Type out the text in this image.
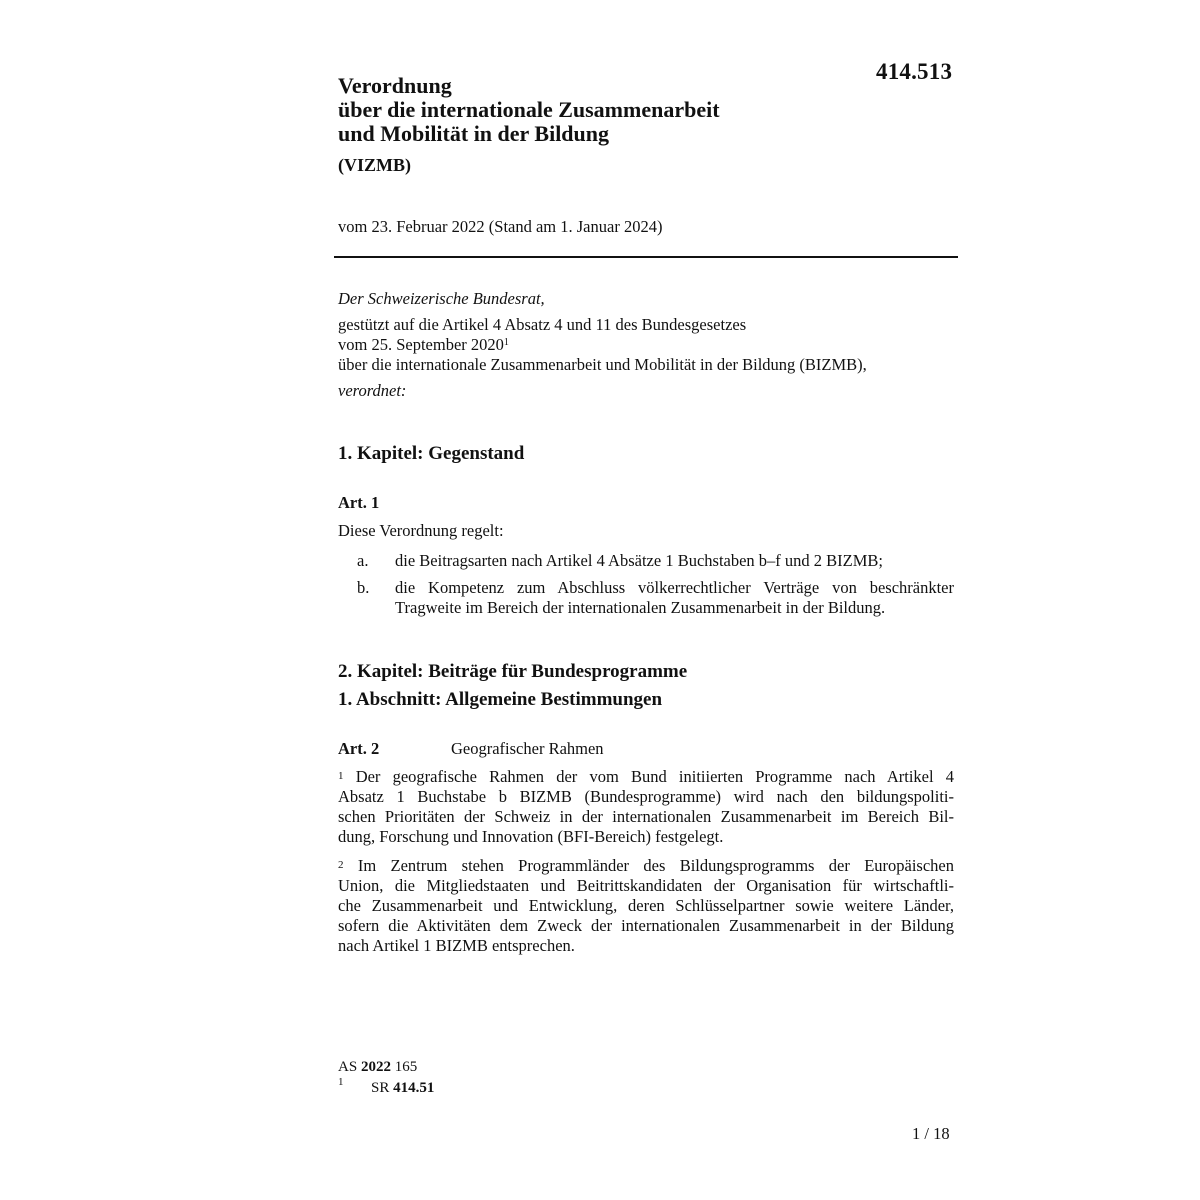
414.513
Verordnung
über die internationale Zusammenarbeit
und Mobilität in der Bildung
(VIZMB)
vom 23. Februar 2022 (Stand am 1. Januar 2024)
Der Schweizerische Bundesrat,
gestützt auf die Artikel 4 Absatz 4 und 11 des Bundesgesetzes
vom 25. September 2020$^1$
über die internationale Zusammenarbeit und Mobilität in der Bildung (BIZMB),
verordnet:
1. Kapitel: Gegenstand
Art. 1
Diese Verordnung regelt:
a. die Beitragsarten nach Artikel 4 Absätze 1 Buchstaben b–f und 2 BIZMB;
b. die Kompetenz zum Abschluss völkerrechtlicher Verträge von beschränkter
Tragweite im Bereich der internationalen Zusammenarbeit in der Bildung.
2. Kapitel: Beiträge für Bundesprogramme
1. Abschnitt: Allgemeine Bestimmungen
Art. 2	Geografischer Rahmen
$^1$ Der geografische Rahmen der vom Bund initiierten Programme nach Artikel 4
Absatz 1 Buchstabe b BIZMB (Bundesprogramme) wird nach den bildungspoliti-
schen Prioritäten der Schweiz in der internationalen Zusammenarbeit im Bereich Bil-
dung, Forschung und Innovation (BFI-Bereich) festgelegt.
$^2$ Im Zentrum stehen Programmländer des Bildungsprogramms der Europäischen
Union, die Mitgliedstaaten und Beitrittskandidaten der Organisation für wirtschaftli-
che Zusammenarbeit und Entwicklung, deren Schlüsselpartner sowie weitere Länder,
sofern die Aktivitäten dem Zweck der internationalen Zusammenarbeit in der Bildung
nach Artikel 1 BIZMB entsprechen.
AS 2022 165
$^1$ SR 414.51
1 / 18
